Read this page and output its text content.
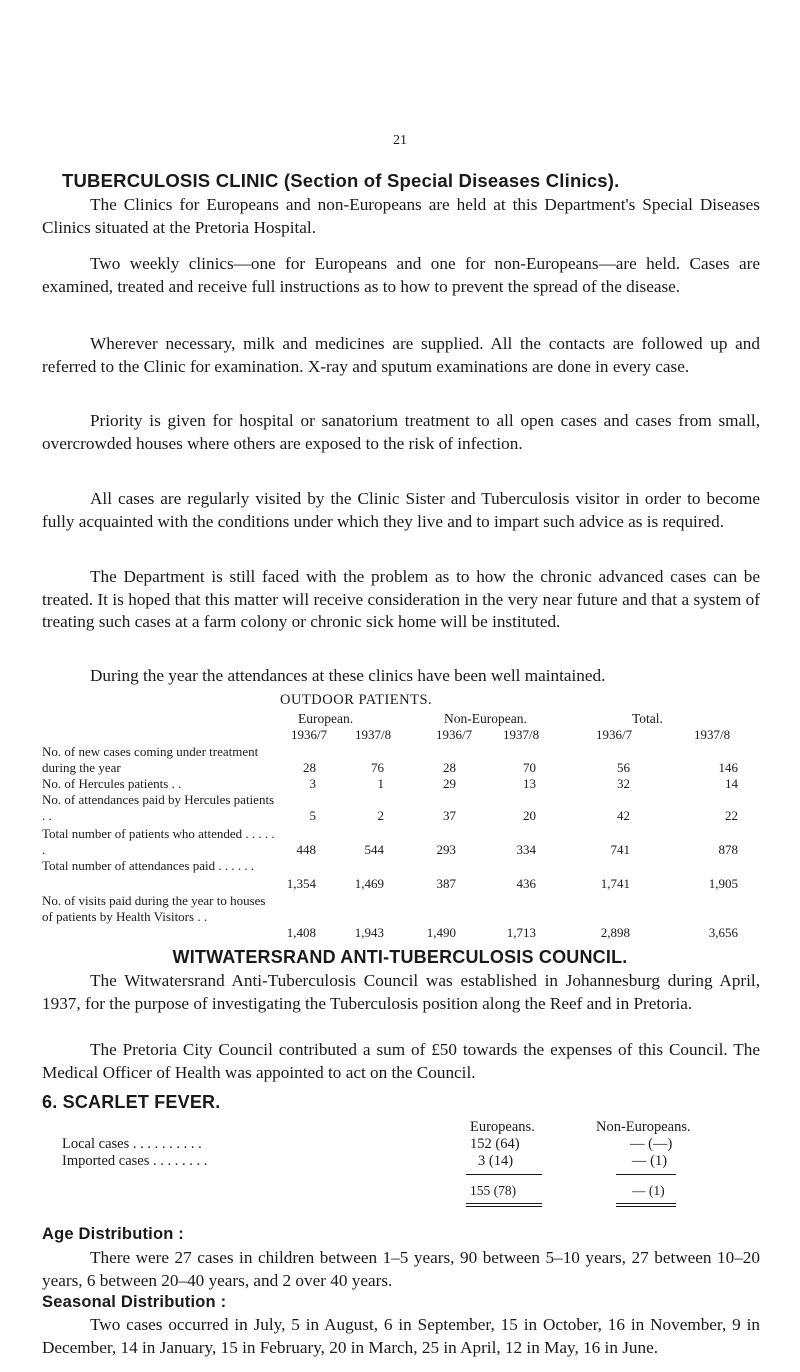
21
TUBERCULOSIS CLINIC (Section of Special Diseases Clinics).

The Clinics for Europeans and non-Europeans are held at this Department's Special Diseases Clinics situated at the Pretoria Hospital.

Two weekly clinics—one for Europeans and one for non-Europeans—are held. Cases are examined, treated and receive full instructions as to how to prevent the spread of the disease.

Wherever necessary, milk and medicines are supplied. All the contacts are followed up and referred to the Clinic for examination. X-ray and sputum examinations are done in every case.

Priority is given for hospital or sanatorium treatment to all open cases and cases from small, overcrowded houses where others are exposed to the risk of infection.

All cases are regularly visited by the Clinic Sister and Tuberculosis visitor in order to become fully acquainted with the conditions under which they live and to impart such advice as is required.

The Department is still faced with the problem as to how the chronic advanced cases can be treated. It is hoped that this matter will receive consideration in the very near future and that a system of treating such cases at a farm colony or chronic sick home will be instituted.

During the year the attendances at these clinics have been well maintained.

OUTDOOR PATIENTS.
European.	Non-European.	Total.
1936/7 1937/8	1936/7 1937/8	1936/7	1937/8
No. of new cases coming under treatment during the year	28	76	28	70	56	146
No. of Hercules patients . .	3	1	29	13	32	14
No. of attendances paid by Hercules patients . .	5	2	37	20	42	22
Total number of patients who attended . . . . . .	448	544	293	334	741	878
Total number of attendances paid . . . . . .
1,354	1,469	387	436	1,741	1,905
No. of visits paid during the year to houses of patients by Health Visitors . .
1,408	1,943	1,490	1,713	2,898	3,656
WITWATERSRAND ANTI-TUBERCULOSIS COUNCIL.

The Witwatersrand Anti-Tuberculosis Council was established in Johannesburg during April, 1937, for the purpose of investigating the Tuberculosis position along the Reef and in Pretoria.

The Pretoria City Council contributed a sum of £50 towards the expenses of this Council. The Medical Officer of Health was appointed to act on the Council.

6. SCARLET FEVER.
Europeans.	Non-Europeans.
Local cases . . . . . . . . . .	152 (64)	— (—)
Imported cases . . . . . . . .	3 (14)	— (1)
155 (78)	— (1)
Age Distribution :

There were 27 cases in children between 1–5 years, 90 between 5–10 years, 27 between 10–20 years, 6 between 20–40 years, and 2 over 40 years.

Seasonal Distribution :

Two cases occurred in July, 5 in August, 6 in September, 15 in October, 16 in November, 9 in December, 14 in January, 15 in February, 20 in March, 25 in April, 12 in May, 16 in June.
